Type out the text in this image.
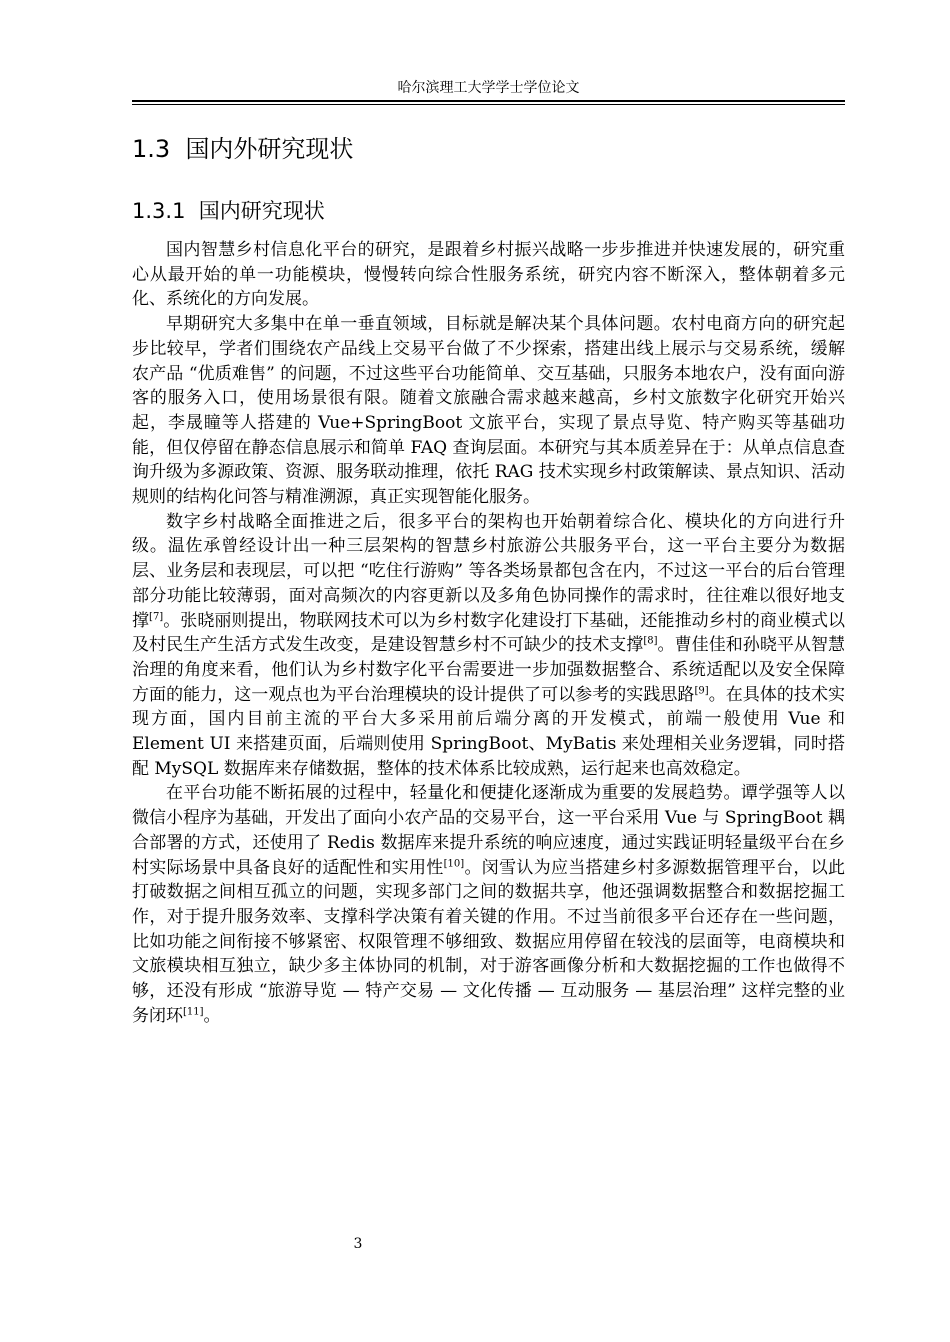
哈尔滨理工大学学士学位论文
1.3 国内外研究现状
1.3.1 国内研究现状

国内智慧乡村信息化平台的研究，是跟着乡村振兴战略一步步推进并快速发展的，研究重心从最开始的单一功能模块，慢慢转向综合性服务系统，研究内容不断深入，整体朝着多元化、系统化的方向发展。

早期研究大多集中在单一垂直领域，目标就是解决某个具体问题。农村电商方向的研究起步比较早，学者们围绕农产品线上交易平台做了不少探索，搭建出线上展示与交易系统，缓解农产品 “优质难售” 的问题，不过这些平台功能简单、交互基础，只服务本地农户，没有面向游客的服务入口，使用场景很有限。随着文旅融合需求越来越高，乡村文旅数字化研究开始兴起，李晟瞳等人搭建的 Vue+SpringBoot 文旅平台，实现了景点导览、特产购买等基础功能，但仅停留在静态信息展示和简单 FAQ 查询层面。本研究与其本质差异在于：从单点信息查询升级为多源政策、资源、服务联动推理，依托 RAG 技术实现乡村政策解读、景点知识、活动规则的结构化问答与精准溯源，真正实现智能化服务。

数字乡村战略全面推进之后，很多平台的架构也开始朝着综合化、模块化的方向进行升级。温佐承曾经设计出一种三层架构的智慧乡村旅游公共服务平台，这一平台主要分为数据层、业务层和表现层，可以把 “吃住行游购” 等各类场景都包含在内，不过这一平台的后台管理部分功能比较薄弱，面对高频次的内容更新以及多角色协同操作的需求时，往往难以很好地支撑[7]。张晓丽则提出，物联网技术可以为乡村数字化建设打下基础，还能推动乡村的商业模式以及村民生产生活方式发生改变，是建设智慧乡村不可缺少的技术支撑[8]。曹佳佳和孙晓平从智慧治理的角度来看，他们认为乡村数字化平台需要进一步加强数据整合、系统适配以及安全保障方面的能力，这一观点也为平台治理模块的设计提供了可以参考的实践思路[9]。在具体的技术实现方面，国内目前主流的平台大多采用前后端分离的开发模式，前端一般使用 Vue 和 Element UI 来搭建页面，后端则使用 SpringBoot、MyBatis 来处理相关业务逻辑，同时搭配 MySQL 数据库来存储数据，整体的技术体系比较成熟，运行起来也高效稳定。

在平台功能不断拓展的过程中，轻量化和便捷化逐渐成为重要的发展趋势。谭学强等人以微信小程序为基础，开发出了面向小农产品的交易平台，这一平台采用 Vue 与 SpringBoot 耦合部署的方式，还使用了 Redis 数据库来提升系统的响应速度，通过实践证明轻量级平台在乡村实际场景中具备良好的适配性和实用性[10]。闵雪认为应当搭建乡村多源数据管理平台，以此打破数据之间相互孤立的问题，实现多部门之间的数据共享，他还强调数据整合和数据挖掘工作，对于提升服务效率、支撑科学决策有着关键的作用。不过当前很多平台还存在一些问题，比如功能之间衔接不够紧密、权限管理不够细致、数据应用停留在较浅的层面等，电商模块和文旅模块相互独立，缺少多主体协同的机制，对于游客画像分析和大数据挖掘的工作也做得不够，还没有形成 “旅游导览 — 特产交易 — 文化传播 — 互动服务 — 基层治理” 这样完整的业务闭环[11]。

3
